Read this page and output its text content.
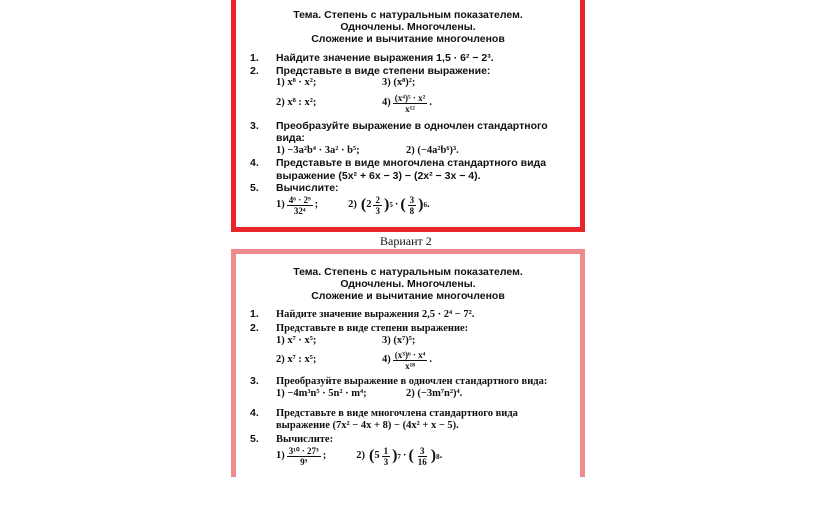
Тема. Степень с натуральным показателем.
Одночлены. Многочлены.
Сложение и вычитание многочленов
1.	Найдите значение выражения 1,5 · 6² − 2³.
2.	Представьте в виде степени выражение:
1) x⁸ · x²;	3) (x⁸)²;
2) x⁸ : x²;	$4) \frac{\text{(x⁴)⁵ · x²}}{\text{x¹²}}$ .
3.	Преобразуйте выражение в одночлен стандартного вида:
1) −3a²b⁴ · 3a² · b⁵;	2) (−4a²b⁶)³.
4.	Представьте в виде многочлена стандартного вида выражение (5x² + 6x − 3) − (2x² − 3x − 4).
5.	Вычислите:
$1) \frac{\text{4⁶ · 2⁹}}{\text{32⁴}}$ ;	2) ( $2 \frac{2}{3}$ ) 5 · ( $\frac{3}{8}$ ) 6 .
Вариант 2
Тема. Степень с натуральным показателем.
Одночлены. Многочлены.
Сложение и вычитание многочленов
1.	Найдите значение выражения 2,5 · 2⁴ − 7².
2.	Представьте в виде степени выражение:
1) x⁷ · x⁵;	3) (x⁷)⁵;
2) x⁷ : x⁵;	$4) \frac{\text{(x³)⁶ · x⁴}}{\text{x¹⁸}}$ .
3.	Преобразуйте выражение в одночлен стандартного вида:
1) −4m³n⁵ · 5n² · m⁴;	2) (−3m⁷n²)⁴.
4.	Представьте в виде многочлена стандартного вида выражение (7x² − 4x + 8) − (4x² + x − 5).
5.	Вычислите:
$1) \frac{\text{3¹⁰ · 27³}}{\text{9⁹}}$ ;	2) ( $5 \frac{1}{3}$ ) 7 · ( $\frac{3}{16}$ ) 8 .
